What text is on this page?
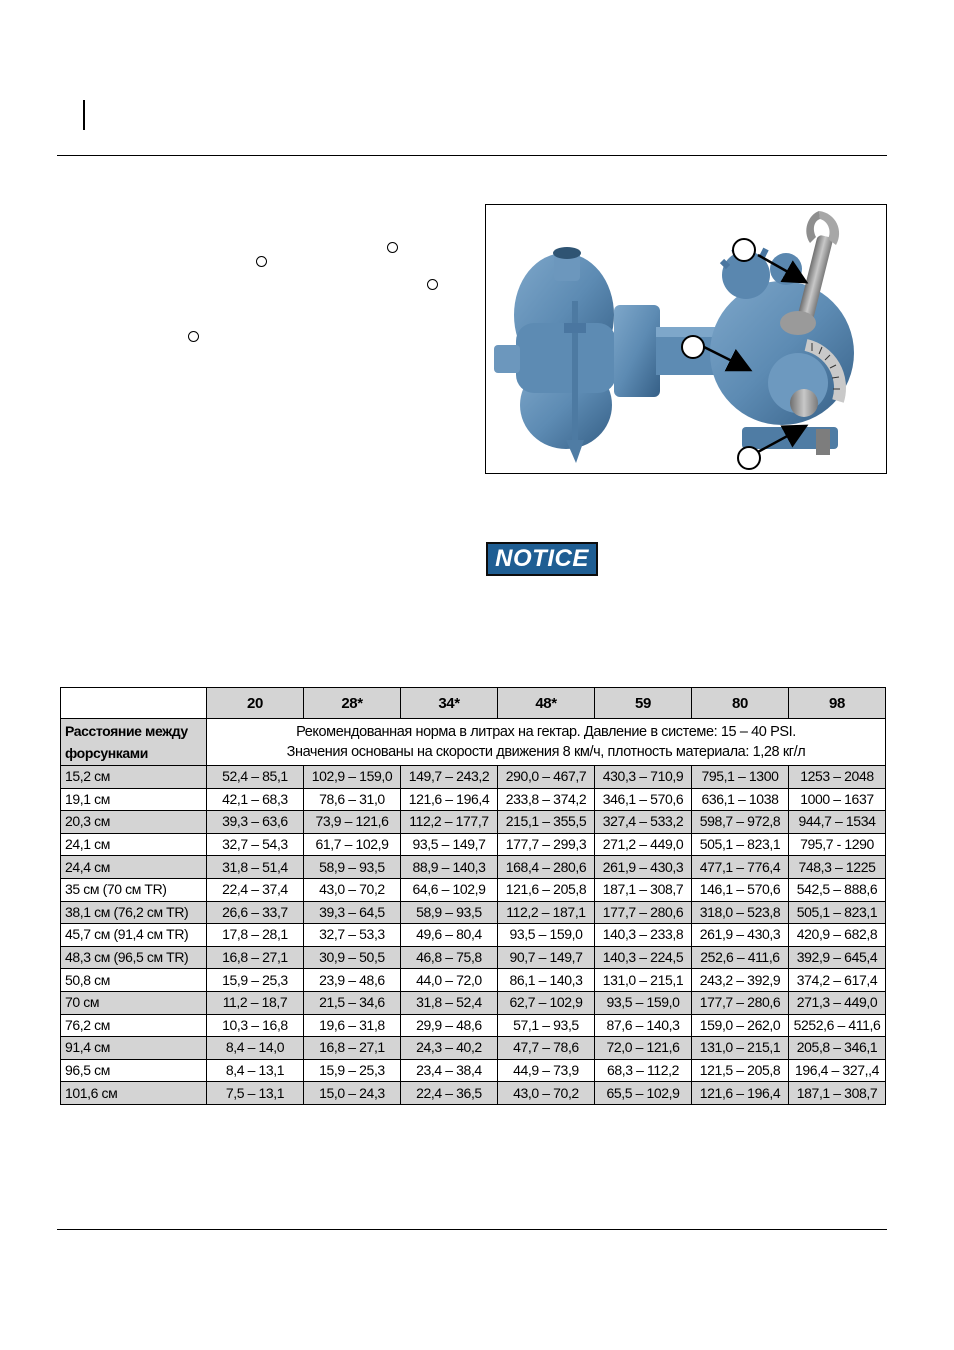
NOTICE
	20	28*	34*	48*	59	80	98
Расстояние между форсунками	Рекомендованная норма в литрах на гектар. Давление в системе: 15 – 40 PSI.
Значения основаны на скорости движения 8 км/ч, плотность материала: 1,28 кг/л						

15,2 см	52,4 – 85,1	102,9 – 159,0	149,7 – 243,2	290,0 – 467,7	430,3 – 710,9	795,1 – 1300	1253 – 2048
19,1 см	42,1 – 68,3	78,6 – 31,0	121,6 – 196,4	233,8 – 374,2	346,1 – 570,6	636,1 – 1038	1000 – 1637
20,3 см	39,3 – 63,6	73,9 – 121,6	112,2 – 177,7	215,1 – 355,5	327,4 – 533,2	598,7 – 972,8	944,7 – 1534
24,1 см	32,7 – 54,3	61,7 – 102,9	93,5 – 149,7	177,7 – 299,3	271,2 – 449,0	505,1 – 823,1	795,7 - 1290
24,4 см	31,8 – 51,4	58,9 – 93,5	88,9 – 140,3	168,4 – 280,6	261,9 – 430,3	477,1 – 776,4	748,3 – 1225
35 см (70 см TR)	22,4 – 37,4	43,0 – 70,2	64,6 – 102,9	121,6 – 205,8	187,1 – 308,7	146,1 – 570,6	542,5 – 888,6
38,1 см (76,2 см TR)	26,6 – 33,7	39,3 – 64,5	58,9 – 93,5	112,2 – 187,1	177,7 – 280,6	318,0 – 523,8	505,1 – 823,1
45,7 см (91,4 см TR)	17,8 – 28,1	32,7 – 53,3	49,6 – 80,4	93,5 – 159,0	140,3 – 233,8	261,9 – 430,3	420,9 – 682,8
48,3 см (96,5 см TR)	16,8 – 27,1	30,9 – 50,5	46,8 – 75,8	90,7 – 149,7	140,3 – 224,5	252,6 – 411,6	392,9 – 645,4
50,8 см	15,9 – 25,3	23,9 – 48,6	44,0 – 72,0	86,1 – 140,3	131,0 – 215,1	243,2 – 392,9	374,2 – 617,4
70 см	11,2 – 18,7	21,5 – 34,6	31,8 – 52,4	62,7 – 102,9	93,5 – 159,0	177,7 – 280,6	271,3 – 449,0
76,2 см	10,3 – 16,8	19,6 – 31,8	29,9 – 48,6	57,1 – 93,5	87,6 – 140,3	159,0 – 262,0	5252,6 – 411,6
91,4 см	8,4 – 14,0	16,8 – 27,1	24,3 – 40,2	47,7 – 78,6	72,0 – 121,6	131,0 – 215,1	205,8 – 346,1
96,5 см	8,4 – 13,1	15,9 – 25,3	23,4 – 38,4	44,9 – 73,9	68,3 – 112,2	121,5 – 205,8	196,4 – 327,,4
101,6 см	7,5 – 13,1	15,0 – 24,3	22,4 – 36,5	43,0 – 70,2	65,5 – 102,9	121,6 – 196,4	187,1 – 308,7
